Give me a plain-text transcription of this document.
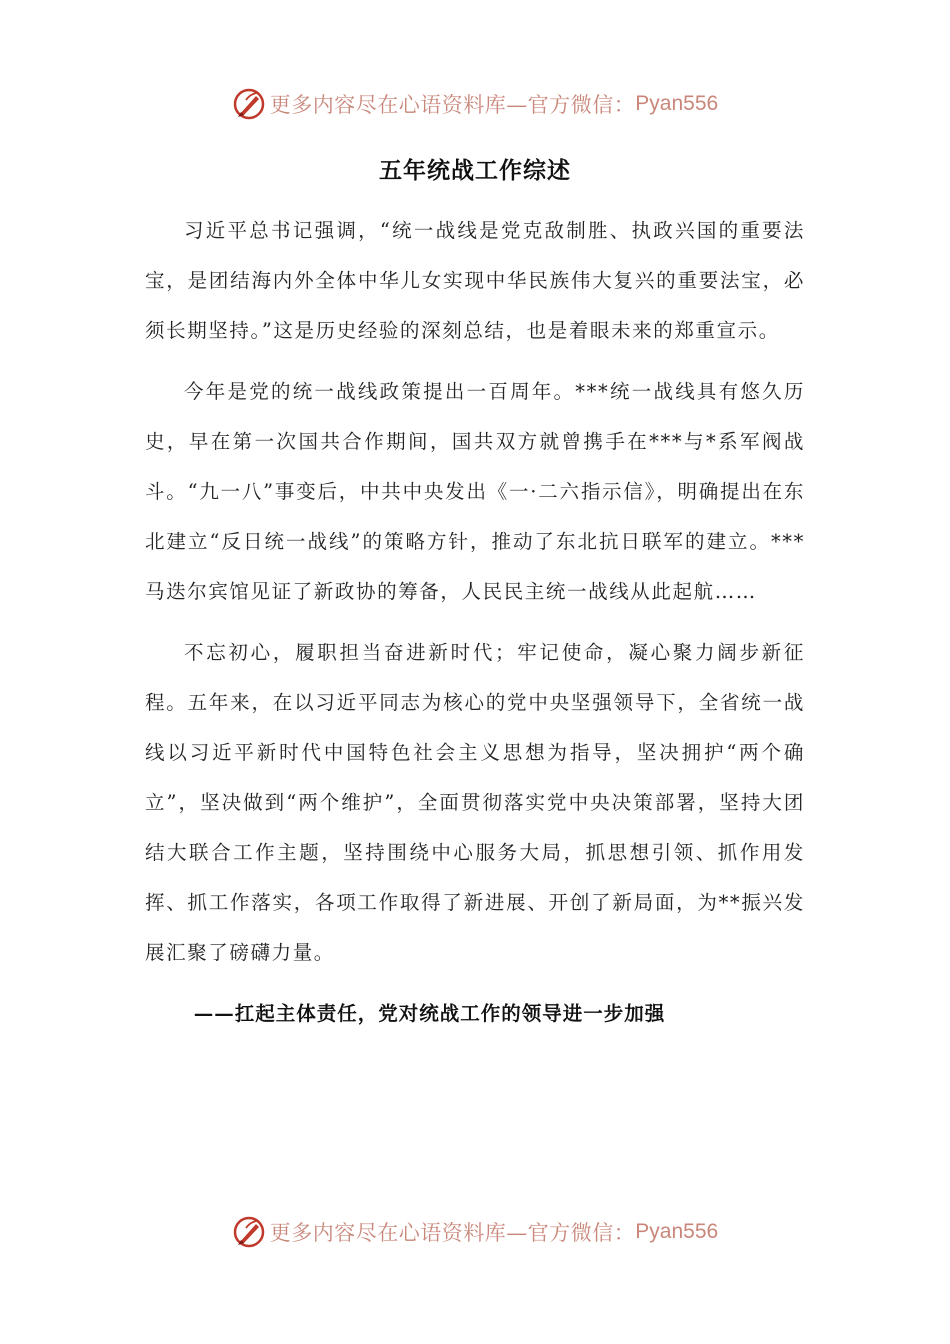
更多内容尽在心语资料库—官方微信： Pyan556
五年统战工作综述

习近平总书记强调，“统一战线是党克敌制胜、执政兴国的重要法宝，是团结海内外全体中华儿女实现中华民族伟大复兴的重要法宝，必须长期坚持。”这是历史经验的深刻总结，也是着眼未来的郑重宣示。

今年是党的统一战线政策提出一百周年。***统一战线具有悠久历史，早在第一次国共合作期间，国共双方就曾携手在***与*系军阀战斗。“九一八”事变后，中共中央发出《一·二六指示信》，明确提出在东北建立“反日统一战线”的策略方针，推动了东北抗日联军的建立。***马迭尔宾馆见证了新政协的筹备，人民民主统一战线从此起航……

不忘初心，履职担当奋进新时代；牢记使命，凝心聚力阔步新征程。五年来，在以习近平同志为核心的党中央坚强领导下，全省统一战线以习近平新时代中国特色社会主义思想为指导，坚决拥护“两个确立”，坚决做到“两个维护”，全面贯彻落实党中央决策部署，坚持大团结大联合工作主题，坚持围绕中心服务大局，抓思想引领、抓作用发挥、抓工作落实，各项工作取得了新进展、开创了新局面，为**振兴发展汇聚了磅礴力量。

——扛起主体责任，党对统战工作的领导进一步加强

更多内容尽在心语资料库—官方微信： Pyan556
